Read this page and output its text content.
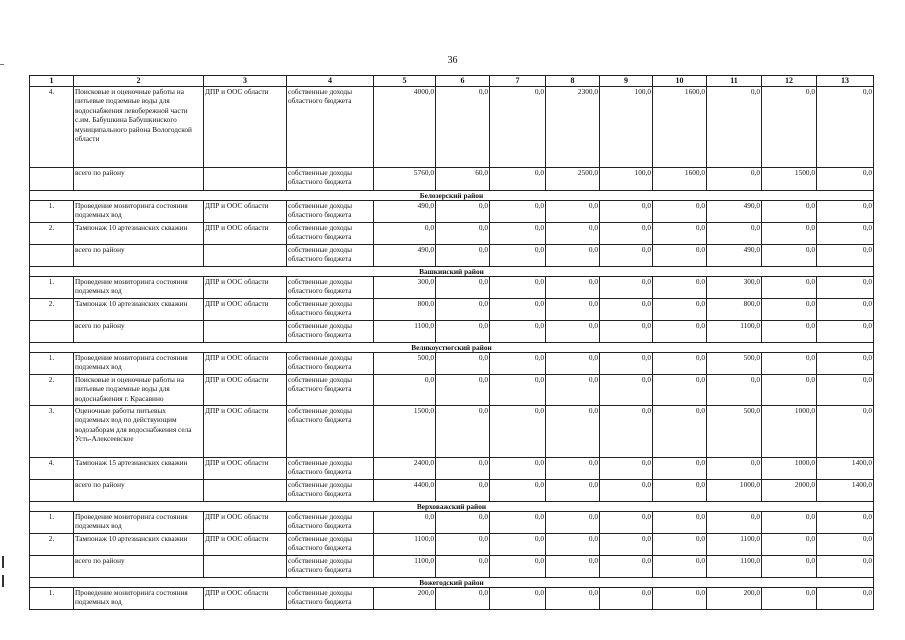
36
1	2	3	4	5	6	7	8	9	10	11	12	13
4.	Поисковые и оценочные работы на питьевые подземные воды для водоснабжения левобережной части с.им. Бабушкина Бабушкинского муниципального района Вологодской области	ДПР и ООС области	собственные доходы областного бюджета	4000,0	0,0	0,0	2300,0	100,0	1600,0	0,0	0,0	0,0
	всего по району		собственные доходы областного бюджета	5760,0	60,0	0,0	2500,0	100,0	1600,0	0,0	1500,0	0,0
Белозерский район												
1.	Проведение мониторинга состояния подземных вод	ДПР и ООС области	собственные доходы областного бюджета	490,0	0,0	0,0	0,0	0,0	0,0	490,0	0,0	0,0
2.	Тампонаж 10 артезианских скважин	ДПР и ООС области	собственные доходы областного бюджета	0,0	0,0	0,0	0,0	0,0	0,0	0,0	0,0	0,0
	всего по району		собственные доходы областного бюджета	490,0	0,0	0,0	0,0	0,0	0,0	490,0	0,0	0,0
Вашкинский район												
1.	Проведение мониторинга состояния подземных вод	ДПР и ООС области	собственные доходы областного бюджета	300,0	0,0	0,0	0,0	0,0	0,0	300,0	0,0	0,0
2.	Тампонаж 10 артезианских скважин	ДПР и ООС области	собственные доходы областного бюджета	800,0	0,0	0,0	0,0	0,0	0,0	800,0	0,0	0,0
	всего по району		собственные доходы областного бюджета	1100,0	0,0	0,0	0,0	0,0	0,0	1100,0	0,0	0,0
Великоустюгский район												
1.	Проведение мониторинга состояния подземных вод	ДПР и ООС области	собственные доходы областного бюджета	500,0	0,0	0,0	0,0	0,0	0,0	500,0	0,0	0,0
2.	Поисковые и оценочные работы на питьевые подземные воды для водоснабжения г. Красавино	ДПР и ООС области	собственные доходы областного бюджета	0,0	0,0	0,0	0,0	0,0	0,0	0,0	0,0	0,0
3.	Оценочные работы питьевых подземных вод по действующим водозаборам для водоснабжения села Усть-Алексеевское	ДПР и ООС области	собственные доходы областного бюджета	1500,0	0,0	0,0	0,0	0,0	0,0	500,0	1000,0	0,0
4.	Тампонаж 15 артезианских скважин	ДПР и ООС области	собственные доходы областного бюджета	2400,0	0,0	0,0	0,0	0,0	0,0	0,0	1000,0	1400,0
	всего по району		собственные доходы областного бюджета	4400,0	0,0	0,0	0,0	0,0	0,0	1000,0	2000,0	1400,0
Верховажский район												
1.	Проведение мониторинга состояния подземных вод	ДПР и ООС области	собственные доходы областного бюджета	0,0	0,0	0,0	0,0	0,0	0,0	0,0	0,0	0,0
2.	Тампонаж 10 артезианских скважин	ДПР и ООС области	собственные доходы областного бюджета	1100,0	0,0	0,0	0,0	0,0	0,0	1100,0	0,0	0,0
	всего по району		собственные доходы областного бюджета	1100,0	0,0	0,0	0,0	0,0	0,0	1100,0	0,0	0,0
Вожегодский район												
1.	Проведение мониторинга состояния подземных вод	ДПР и ООС области	собственные доходы областного бюджета	200,0	0,0	0,0	0,0	0,0	0,0	200,0	0,0	0,0
